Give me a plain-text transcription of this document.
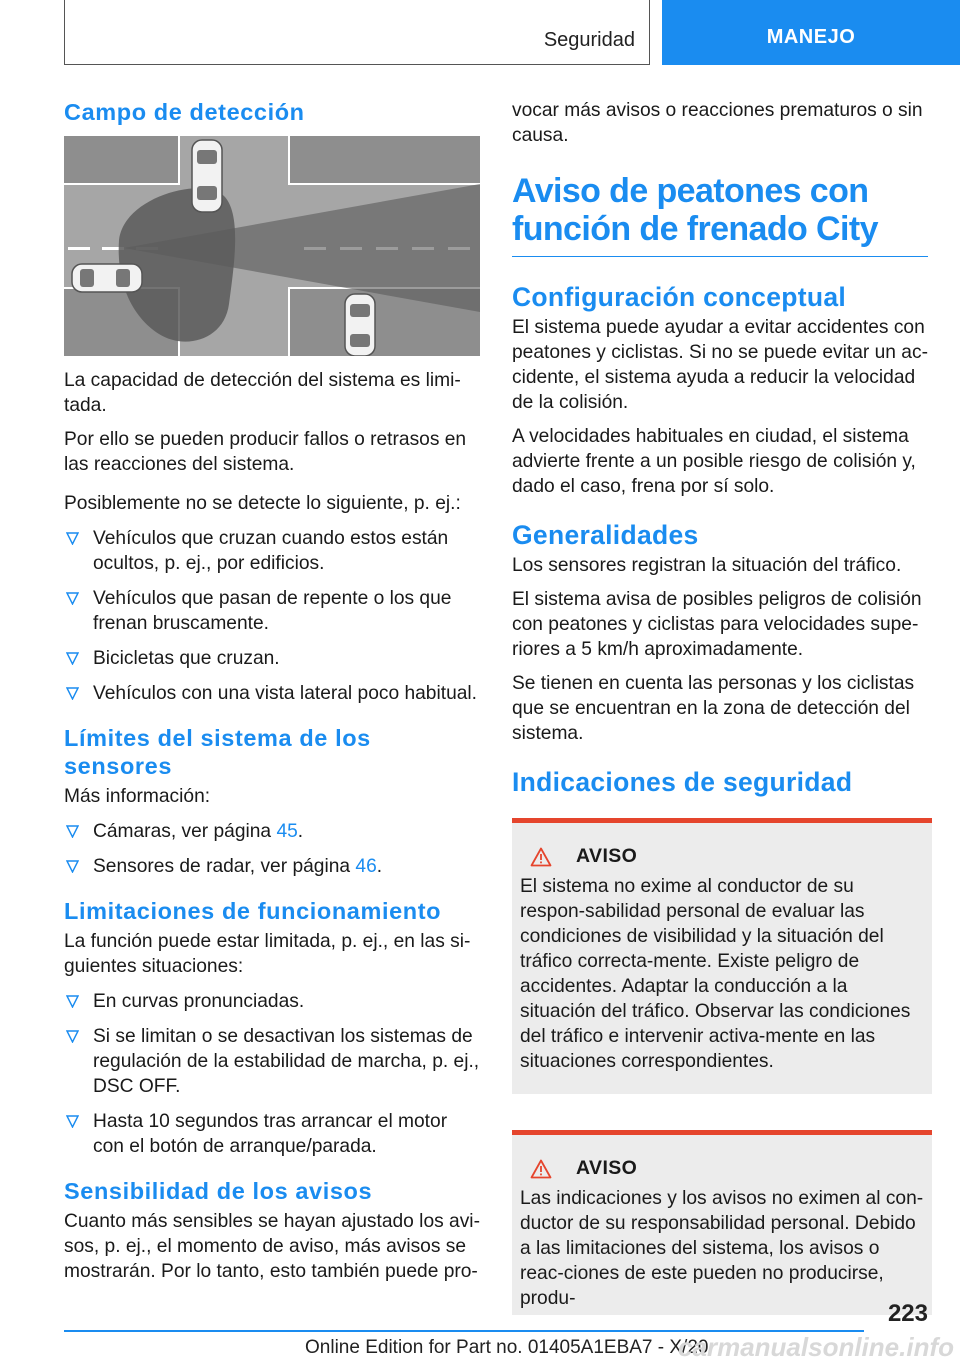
Seguridad	MANEJO
Campo de detección

La capacidad de detección del sistema es limi-tada.

Por ello se pueden producir fallos o retrasos en las reacciones del sistema.

Posiblemente no se detecte lo siguiente, p. ej.:

Vehículos que cruzan cuando estos están ocultos, p. ej., por edificios.
Vehículos que pasan de repente o los que frenan bruscamente.
Bicicletas que cruzan.
Vehículos con una vista lateral poco habitual.
Límites del sistema de los sensores

Más información:

Cámaras, ver página 45.
Sensores de radar, ver página 46.
Limitaciones de funcionamiento

La función puede estar limitada, p. ej., en las si-guientes situaciones:

En curvas pronunciadas.
Si se limitan o se desactivan los sistemas de regulación de la estabilidad de marcha, p. ej., DSC OFF.
Hasta 10 segundos tras arrancar el motor con el botón de arranque/parada.
Sensibilidad de los avisos

Cuanto más sensibles se hayan ajustado los avi-sos, p. ej., el momento de aviso, más avisos se mostrarán. Por lo tanto, esto también puede pro-

vocar más avisos o reacciones prematuros o sin causa.

Aviso de peatones con función de frenado City
Configuración conceptual

El sistema puede ayudar a evitar accidentes con peatones y ciclistas. Si no se puede evitar un ac-cidente, el sistema ayuda a reducir la velocidad de la colisión.

A velocidades habituales en ciudad, el sistema advierte frente a un posible riesgo de colisión y, dado el caso, frena por sí solo.

Generalidades

Los sensores registran la situación del tráfico.

El sistema avisa de posibles peligros de colisión con peatones y ciclistas para velocidades supe-riores a 5 km/h aproximadamente.

Se tienen en cuenta las personas y los ciclistas que se encuentran en la zona de detección del sistema.

Indicaciones de seguridad
AVISO

El sistema no exime al conductor de su respon-sabilidad personal de evaluar las condiciones de visibilidad y la situación del tráfico correcta-mente. Existe peligro de accidentes. Adaptar la conducción a la situación del tráfico. Observar las condiciones del tráfico e intervenir activa-mente en las situaciones correspondientes.

AVISO

Las indicaciones y los avisos no eximen al con-ductor de su responsabilidad personal. Debido a las limitaciones del sistema, los avisos o reac-ciones de este pueden no producirse, produ-

223
Online Edition for Part no. 01405A1EBA7 - X/20
carmanualsonline.info
